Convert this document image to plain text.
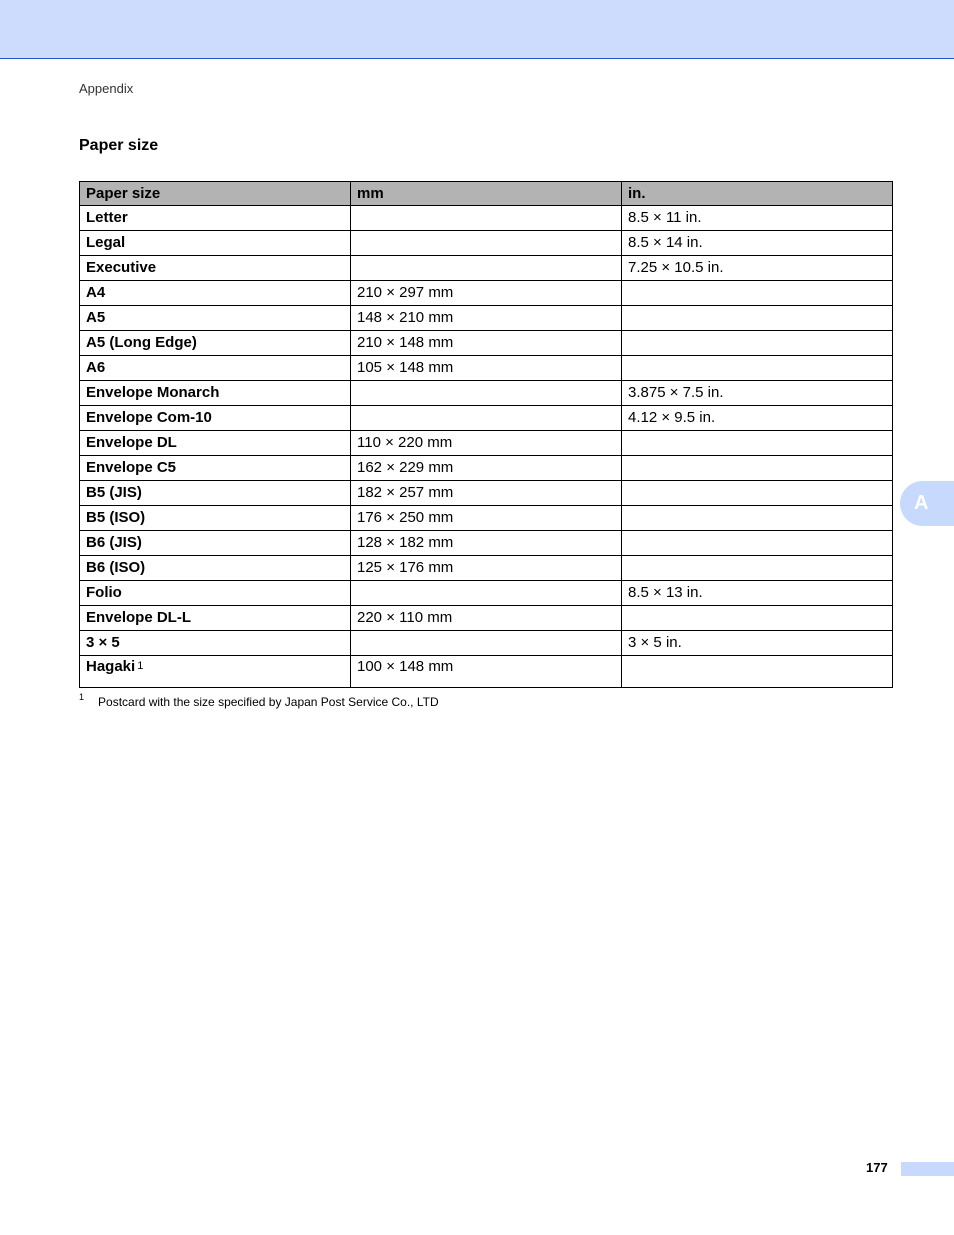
Appendix
Paper size
Paper size	mm	in.
Letter		8.5 × 11 in.
Legal		8.5 × 14 in.
Executive		7.25 × 10.5 in.
A4	210 × 297 mm	
A5	148 × 210 mm	
A5 (Long Edge)	210 × 148 mm	
A6	105 × 148 mm	
Envelope Monarch		3.875 × 7.5 in.
Envelope Com-10		4.12 × 9.5 in.
Envelope DL	110 × 220 mm	
Envelope C5	162 × 229 mm	
B5 (JIS)	182 × 257 mm	
B5 (ISO)	176 × 250 mm	
B6 (JIS)	128 × 182 mm	
B6 (ISO)	125 × 176 mm	
Folio		8.5 × 13 in.
Envelope DL-L	220 × 110 mm	
3 × 5		3 × 5 in.
Hagaki $^1$	100 × 148 mm	
$^1$ Postcard with the size specified by Japan Post Service Co., LTD
A
177
